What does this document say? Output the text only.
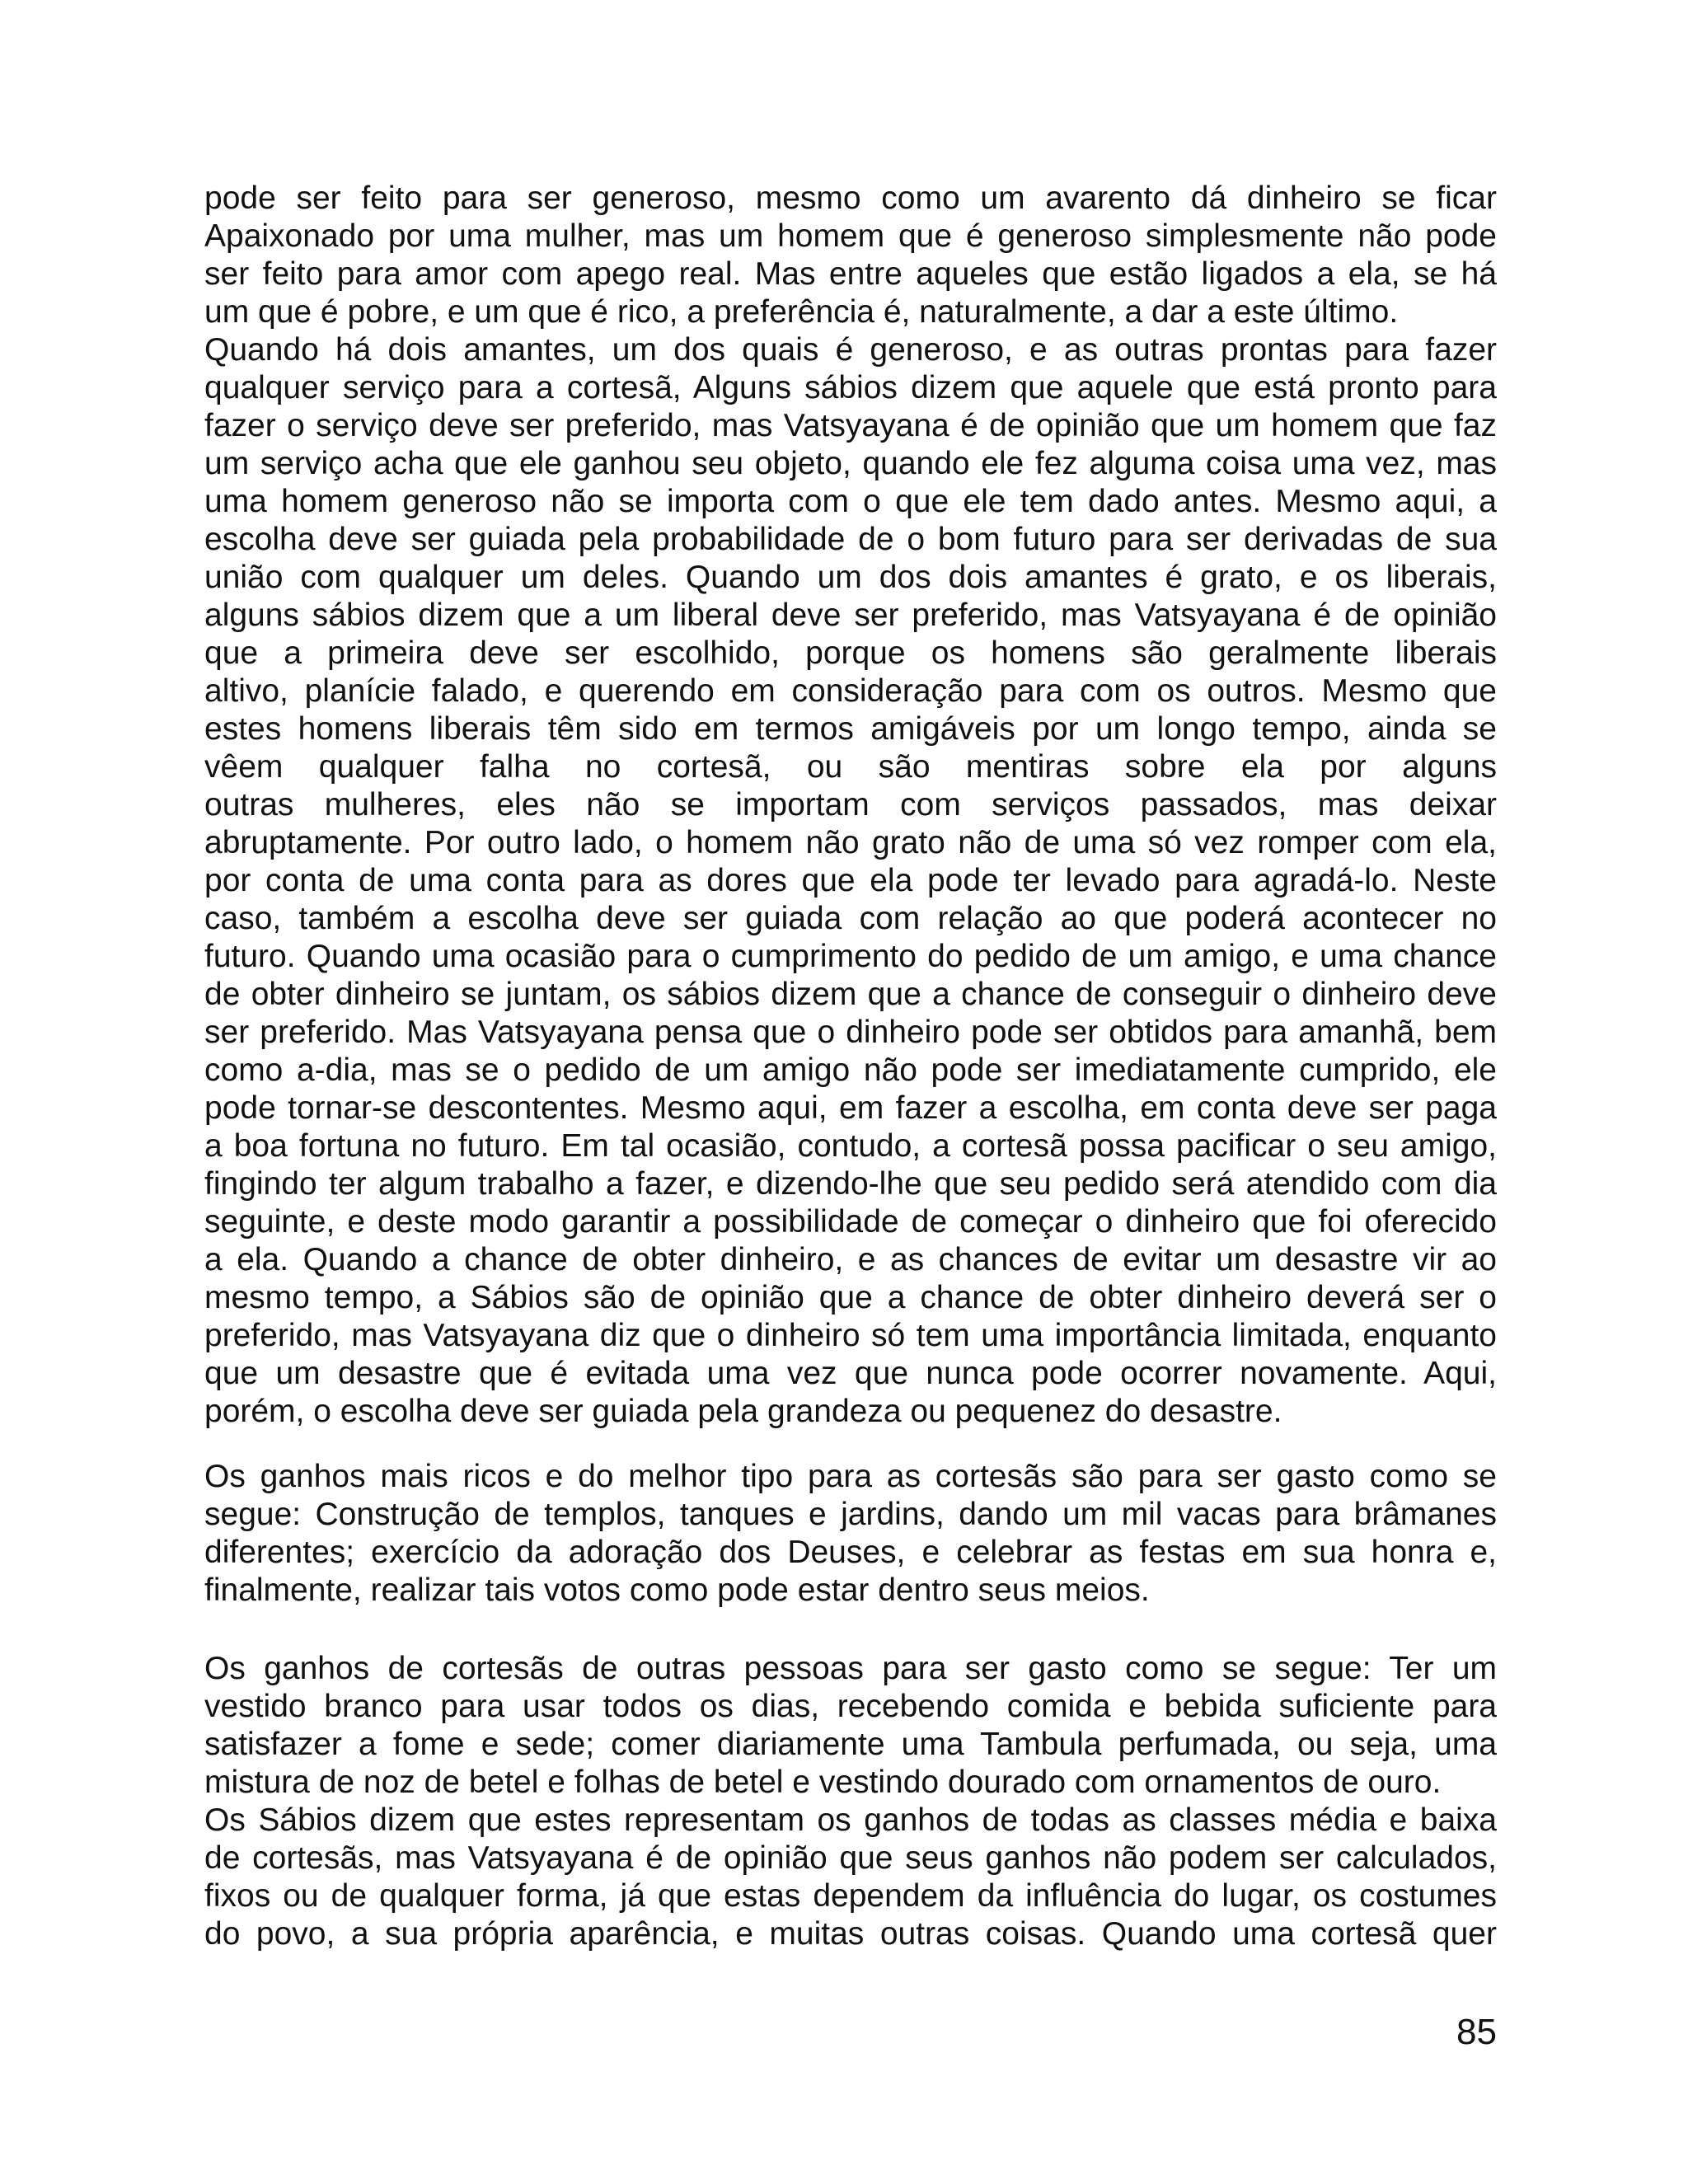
pode ser feito para ser generoso, mesmo como um avarento dá dinheiro se ficar
Apaixonado por uma mulher, mas um homem que é generoso simplesmente não pode
ser feito para amor com apego real. Mas entre aqueles que estão ligados a ela, se há
um que é pobre, e um que é rico, a preferência é, naturalmente, a dar a este último.
Quando há dois amantes, um dos quais é generoso, e as outras prontas para fazer
qualquer serviço para a cortesã, Alguns sábios dizem que aquele que está pronto para
fazer o serviço deve ser preferido, mas Vatsyayana é de opinião que um homem que faz
um serviço acha que ele ganhou seu objeto, quando ele fez alguma coisa uma vez, mas
uma homem generoso não se importa com o que ele tem dado antes. Mesmo aqui, a
escolha deve ser guiada pela probabilidade de o bom futuro para ser derivadas de sua
união com qualquer um deles. Quando um dos dois amantes é grato, e os liberais,
alguns sábios dizem que a um liberal deve ser preferido, mas Vatsyayana é de opinião
que a primeira deve ser escolhido, porque os homens são geralmente liberais
altivo, planície falado, e querendo em consideração para com os outros. Mesmo que
estes homens liberais têm sido em termos amigáveis por um longo tempo, ainda se
vêem qualquer falha no cortesã, ou são mentiras sobre ela por alguns
outras mulheres, eles não se importam com serviços passados, mas deixar
abruptamente. Por outro lado, o homem não grato não de uma só vez romper com ela,
por conta de uma conta para as dores que ela pode ter levado para agradá-lo. Neste
caso, também a escolha deve ser guiada com relação ao que poderá acontecer no
futuro. Quando uma ocasião para o cumprimento do pedido de um amigo, e uma chance
de obter dinheiro se juntam, os sábios dizem que a chance de conseguir o dinheiro deve
ser preferido. Mas Vatsyayana pensa que o dinheiro pode ser obtidos para amanhã, bem
como a-dia, mas se o pedido de um amigo não pode ser imediatamente cumprido, ele
pode tornar-se descontentes. Mesmo aqui, em fazer a escolha, em conta deve ser paga
a boa fortuna no futuro. Em tal ocasião, contudo, a cortesã possa pacificar o seu amigo,
fingindo ter algum trabalho a fazer, e dizendo-lhe que seu pedido será atendido com dia
seguinte, e deste modo garantir a possibilidade de começar o dinheiro que foi oferecido
a ela. Quando a chance de obter dinheiro, e as chances de evitar um desastre vir ao
mesmo tempo, a Sábios são de opinião que a chance de obter dinheiro deverá ser o
preferido, mas Vatsyayana diz que o dinheiro só tem uma importância limitada, enquanto
que um desastre que é evitada uma vez que nunca pode ocorrer novamente. Aqui,
porém, o escolha deve ser guiada pela grandeza ou pequenez do desastre.
Os ganhos mais ricos e do melhor tipo para as cortesãs são para ser gasto como se
segue: Construção de templos, tanques e jardins, dando um mil vacas para brâmanes
diferentes; exercício da adoração dos Deuses, e celebrar as festas em sua honra e,
finalmente, realizar tais votos como pode estar dentro seus meios.
Os ganhos de cortesãs de outras pessoas para ser gasto como se segue: Ter um
vestido branco para usar todos os dias, recebendo comida e bebida suficiente para
satisfazer a fome e sede; comer diariamente uma Tambula perfumada, ou seja, uma
mistura de noz de betel e folhas de betel e vestindo dourado com ornamentos de ouro.
Os Sábios dizem que estes representam os ganhos de todas as classes média e baixa
de cortesãs, mas Vatsyayana é de opinião que seus ganhos não podem ser calculados,
fixos ou de qualquer forma, já que estas dependem da influência do lugar, os costumes
do povo, a sua própria aparência, e muitas outras coisas. Quando uma cortesã quer
85
